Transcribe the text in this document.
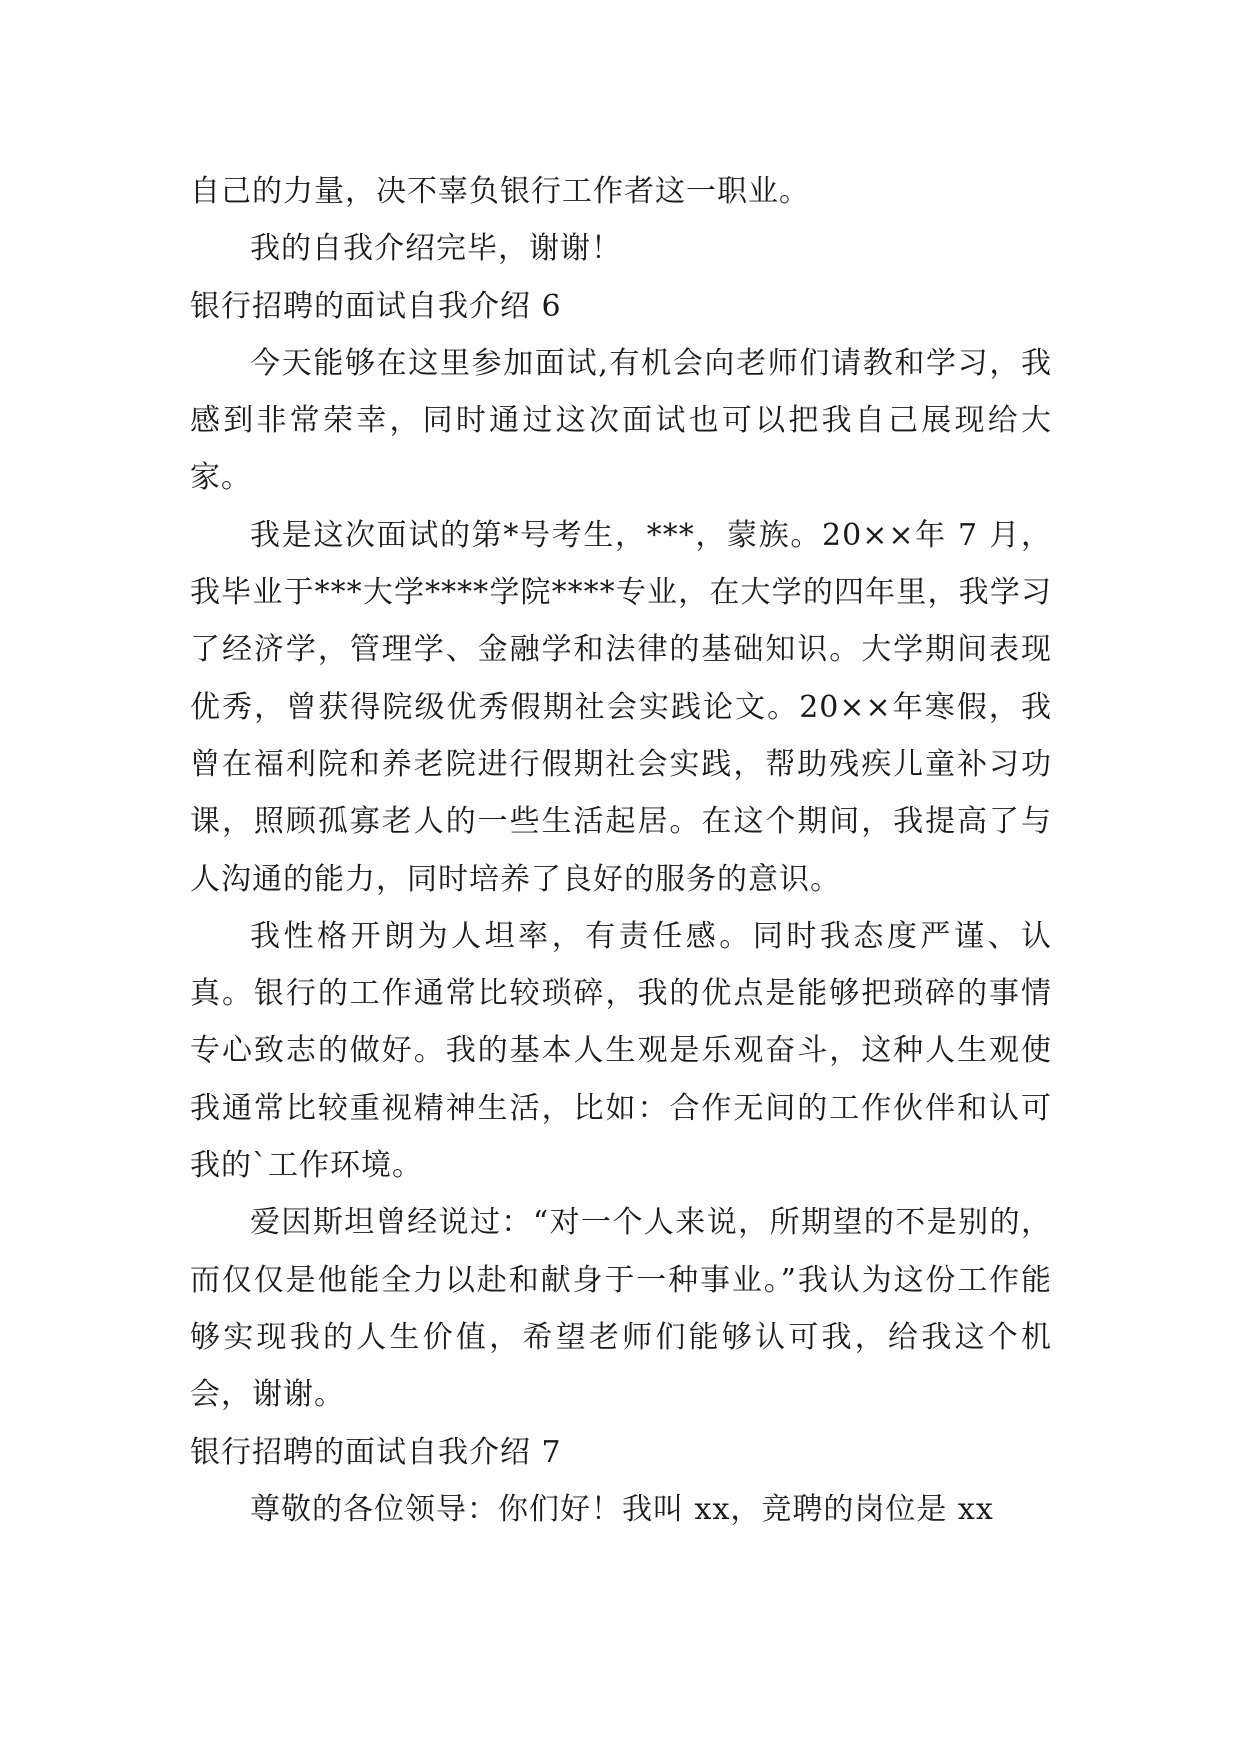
自己的力量，决不辜负银行工作者这一职业。

我的自我介绍完毕，谢谢！

银行招聘的面试自我介绍 6

今天能够在这里参加面试,有机会向老师们请教和学习，我感到非常荣幸，同时通过这次面试也可以把我自己展现给大家。

我是这次面试的第*号考生，***，蒙族。20××年 7 月，我毕业于***大学****学院****专业，在大学的四年里，我学习了经济学，管理学、金融学和法律的基础知识。大学期间表现优秀，曾获得院级优秀假期社会实践论文。20××年寒假，我曾在福利院和养老院进行假期社会实践，帮助残疾儿童补习功课，照顾孤寡老人的一些生活起居。在这个期间，我提高了与人沟通的能力，同时培养了良好的服务的意识。

我性格开朗为人坦率，有责任感。同时我态度严谨、认真。银行的工作通常比较琐碎，我的优点是能够把琐碎的事情专心致志的做好。我的基本人生观是乐观奋斗，这种人生观使我通常比较重视精神生活，比如：合作无间的工作伙伴和认可我的`工作环境。

爱因斯坦曾经说过：“对一个人来说，所期望的不是别的，而仅仅是他能全力以赴和献身于一种事业。”我认为这份工作能够实现我的人生价值，希望老师们能够认可我，给我这个机会，谢谢。

银行招聘的面试自我介绍 7

尊敬的各位领导：你们好！我叫 xx，竞聘的岗位是 xx
